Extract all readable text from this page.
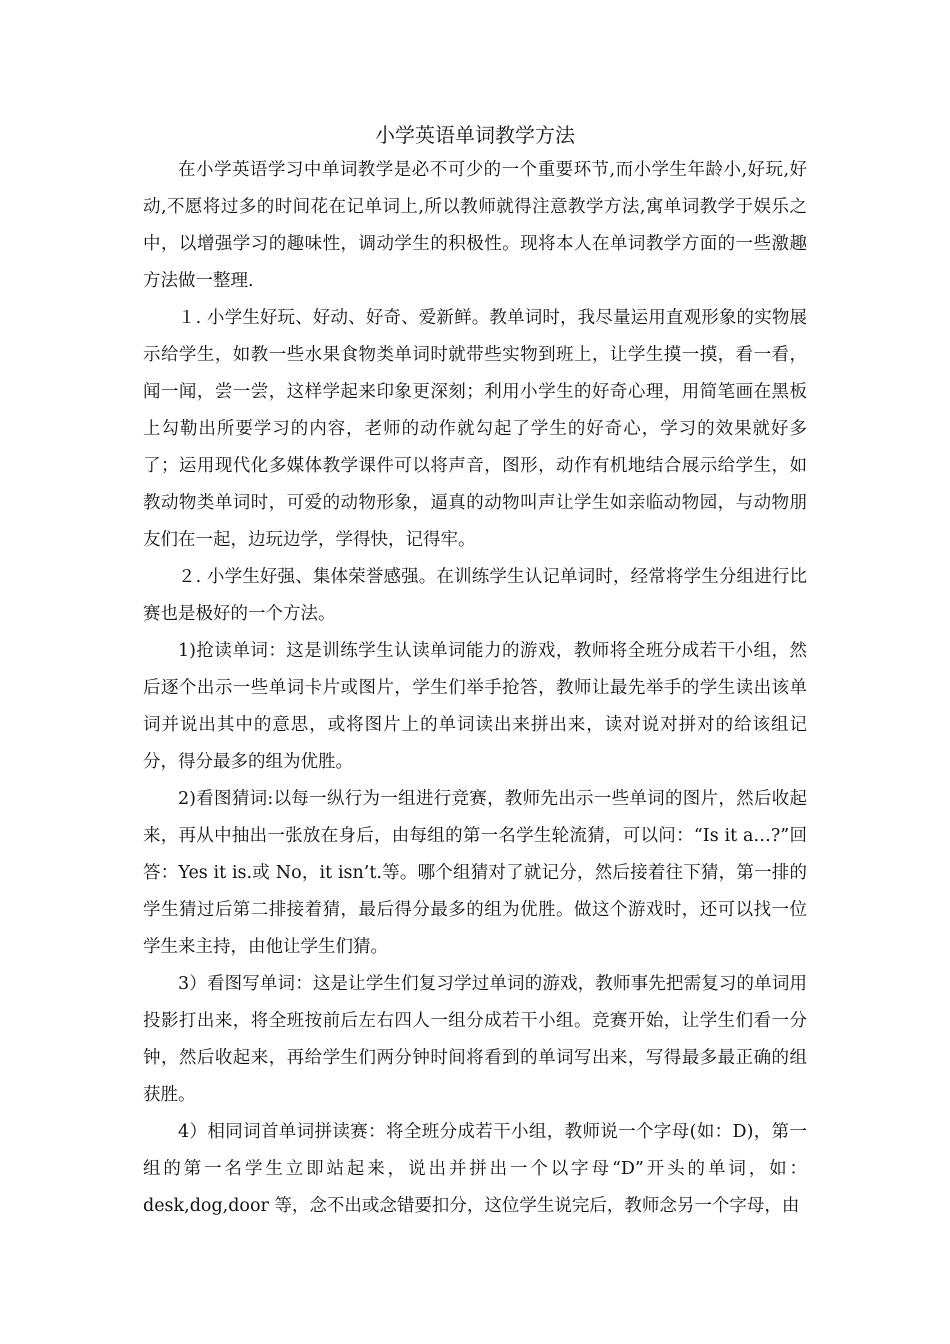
小学英语单词教学方法

在小学英语学习中单词教学是必不可少的一个重要环节,而小学生年龄小,好玩,好动,不愿将过多的时间花在记单词上,所以教师就得注意教学方法,寓单词教学于娱乐之中，以增强学习的趣味性，调动学生的积极性。现将本人在单词教学方面的一些激趣方法做一整理.

１. 小学生好玩、好动、好奇、爱新鲜。教单词时，我尽量运用直观形象的实物展示给学生，如教一些水果食物类单词时就带些实物到班上，让学生摸一摸，看一看，闻一闻，尝一尝，这样学起来印象更深刻；利用小学生的好奇心理，用简笔画在黑板上勾勒出所要学习的内容，老师的动作就勾起了学生的好奇心，学习的效果就好多了；运用现代化多媒体教学课件可以将声音，图形，动作有机地结合展示给学生，如教动物类单词时，可爱的动物形象，逼真的动物叫声让学生如亲临动物园，与动物朋友们在一起，边玩边学，学得快，记得牢。

２. 小学生好强、集体荣誉感强。在训练学生认记单词时，经常将学生分组进行比赛也是极好的一个方法。

1)抢读单词：这是训练学生认读单词能力的游戏，教师将全班分成若干小组，然后逐个出示一些单词卡片或图片，学生们举手抢答，教师让最先举手的学生读出该单词并说出其中的意思，或将图片上的单词读出来拼出来，读对说对拼对的给该组记分，得分最多的组为优胜。

2)看图猜词:以每一纵行为一组进行竞赛，教师先出示一些单词的图片，然后收起来，再从中抽出一张放在身后，由每组的第一名学生轮流猜，可以问：“Is it a…?”回答：Yes it is.或 No，it isn’t.等。哪个组猜对了就记分，然后接着往下猜，第一排的学生猜过后第二排接着猜，最后得分最多的组为优胜。做这个游戏时，还可以找一位学生来主持，由他让学生们猜。

3）看图写单词：这是让学生们复习学过单词的游戏，教师事先把需复习的单词用投影打出来，将全班按前后左右四人一组分成若干小组。竞赛开始，让学生们看一分钟，然后收起来，再给学生们两分钟时间将看到的单词写出来，写得最多最正确的组获胜。

4）相同词首单词拼读赛：将全班分成若干小组，教师说一个字母(如：D)，第一组的第一名学生立即站起来，说出并拼出一个以字母“D”开头的单词，如：desk,dog,door 等，念不出或念错要扣分，这位学生说完后，教师念另一个字母，由
